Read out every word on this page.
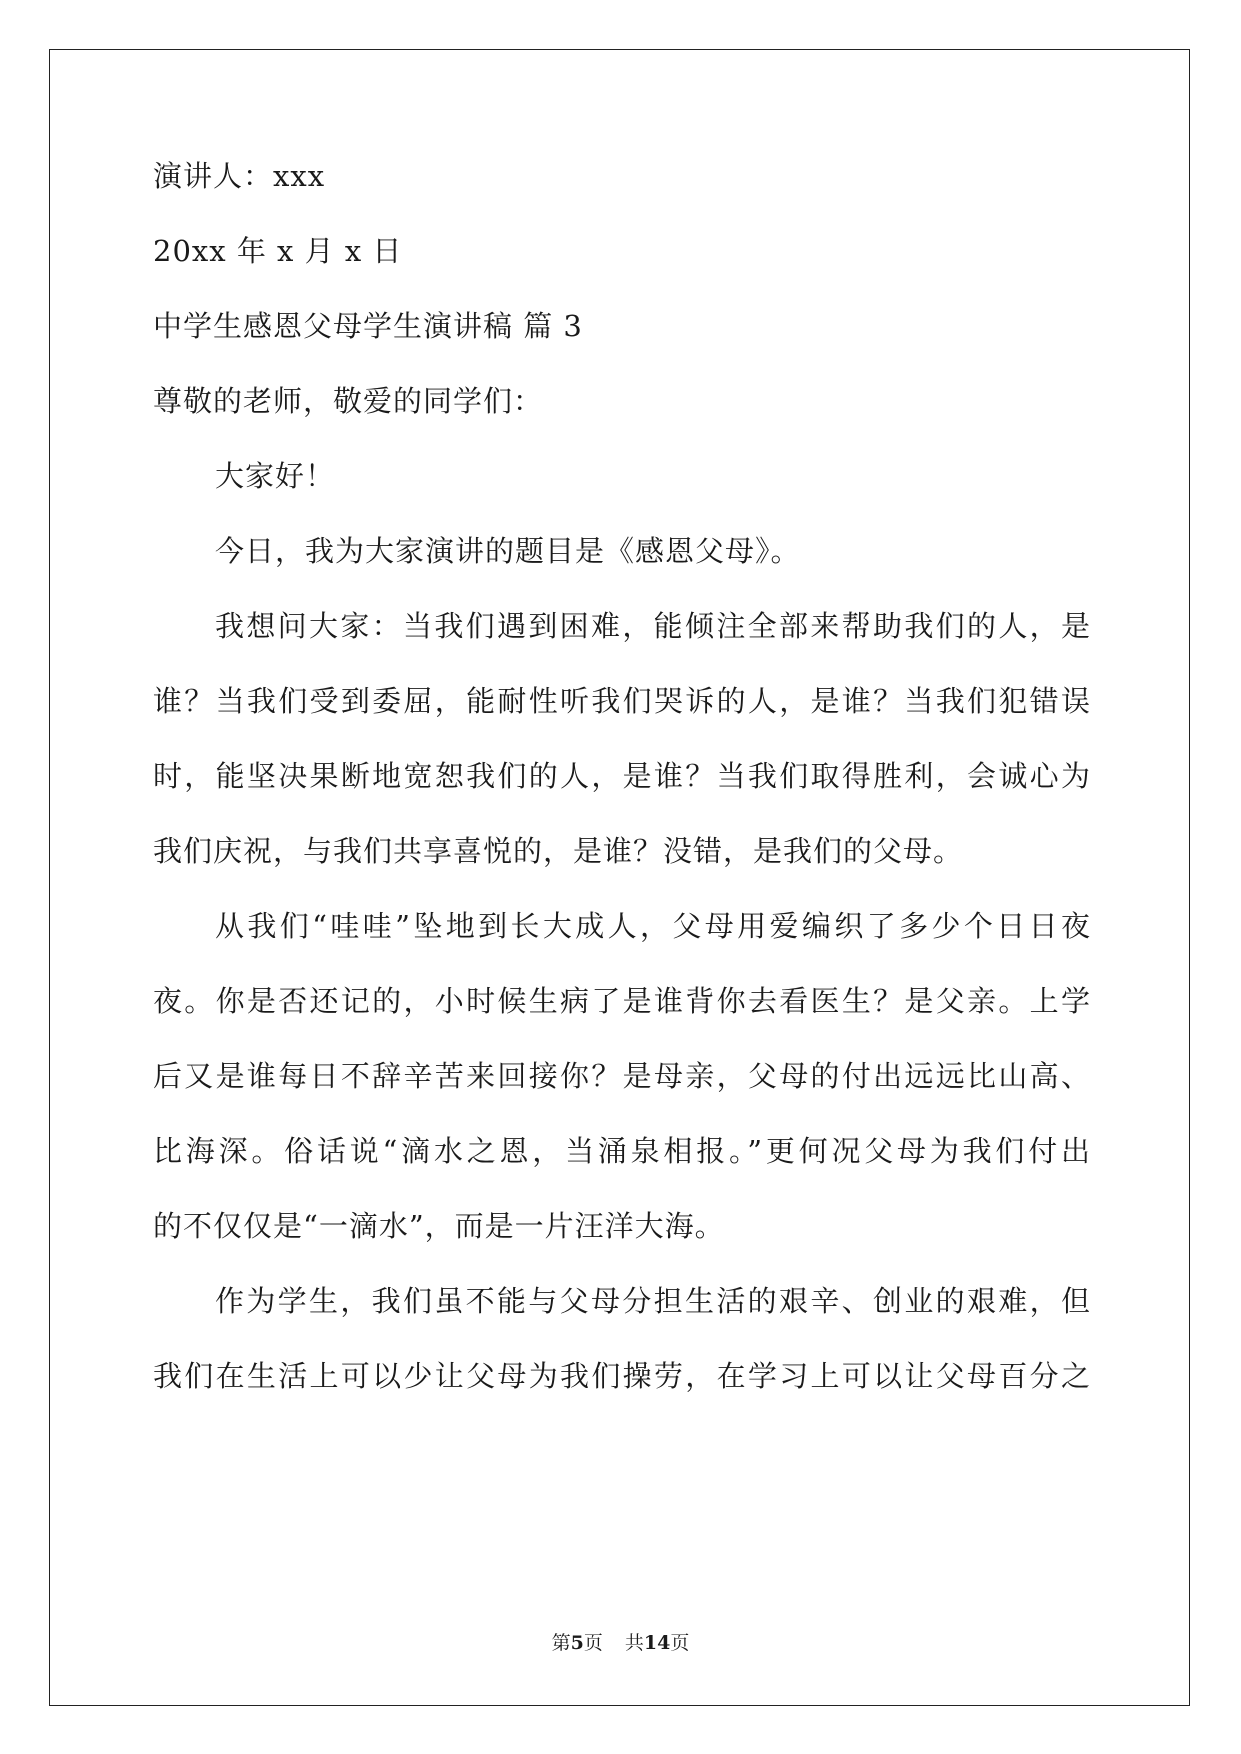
演讲人：xxx
20xx 年 x 月 x 日
中学生感恩父母学生演讲稿 篇 3
尊敬的老师，敬爱的同学们：
大家好！
今日，我为大家演讲的题目是《感恩父母》。
我想问大家：当我们遇到困难，能倾注全部来帮助我们的人，是
谁？当我们受到委屈，能耐性听我们哭诉的人，是谁？当我们犯错误
时，能坚决果断地宽恕我们的人，是谁？当我们取得胜利，会诚心为
我们庆祝，与我们共享喜悦的，是谁？没错，是我们的父母。
从我们“哇哇”坠地到长大成人，父母用爱编织了多少个日日夜
夜。你是否还记的，小时候生病了是谁背你去看医生？是父亲。上学
后又是谁每日不辞辛苦来回接你？是母亲，父母的付出远远比山高、
比海深。俗话说“滴水之恩，当涌泉相报。”更何况父母为我们付出
的不仅仅是“一滴水”，而是一片汪洋大海。
作为学生，我们虽不能与父母分担生活的艰辛、创业的艰难，但
我们在生活上可以少让父母为我们操劳，在学习上可以让父母百分之
第5页 共14页
